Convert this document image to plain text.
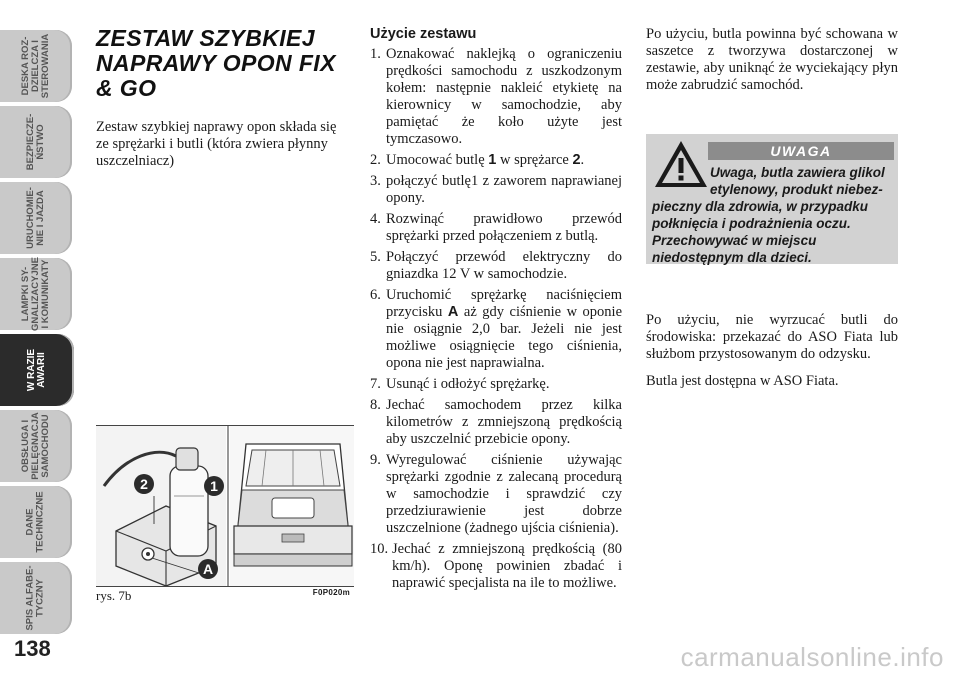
DESKA ROZ-
DZIELCZA I
STEROWANIA
BEZPIECZE-
ŃSTWO
URUCHOMIE-
NIE I JAZDA
LAMPKI SY-
GNALIZACYJNE
I KOMUNIKATY
W RAZIE
AWARII
OBSŁUGA I
PIELĘGNACJA
SAMOCHODU
DANE
TECHNICZNE
SPIS ALFABE-
TYCZNY
138
ZESTAW SZYBKIEJ
NAPRAWY OPON FIX
& GO
Zestaw szybkiej naprawy opon składa się ze sprężarki i butli (która zwiera płynny uszczelniacz)
1
2
A
rys. 7b	F0P020m
Użycie zestawu
1. Oznakować naklejką o ograniczeniu prędkości samochodu z uszkodzonym kołem: następnie nakleić etykietę na kierownicy w samochodzie, aby pamiętać że koło użyte jest tymczasowo.
2. Umocować butlę 1 w sprężarce 2.
3. połączyć butlę1 z zaworem naprawianej opony.
4. Rozwinąć prawidłowo przewód sprężarki przed połączeniem z butlą.
5. Połączyć przewód elektryczny do gniazdka 12 V w samochodzie.
6. Uruchomić sprężarkę naciśnięciem przycisku A aż gdy ciśnienie w oponie nie osiągnie 2,0 bar. Jeżeli nie jest możliwe osiągnięcie tego ciśnienia, opona nie jest naprawialna.
7. Usunąć i odłożyć sprężarkę.
8. Jechać samochodem przez kilka kilometrów z zmniejszoną prędkością aby uszczelnić przebicie opony.
9. Wyregulować ciśnienie używając sprężarki zgodnie z zalecaną procedurą w samochodzie i sprawdzić czy przedziurawienie jest dobrze uszczelnione (żadnego ujścia ciśnienia).
10. Jechać z zmniejszoną prędkością (80 km/h). Oponę powinien zbadać i naprawić specjalista na ile to możliwe.

Po użyciu, butla powinna być schowana w saszetce z tworzywa dostarczonej w zestawie, aby uniknąć że wyciekający płyn może zabrudzić samochód.

UWAGA
Uwaga, butla zawiera glikol etylenowy, produkt niebez-
pieczny dla zdrowia, w przypadku połknięcia i podrażnienia oczu. Przechowywać w miejscu niedostępnym dla dzieci.

Po użyciu, nie wyrzucać butli do środowiska: przekazać do ASO Fiata lub służbom przystosowanym do odzysku.

Butla jest dostępna w ASO Fiata.

carmanualsonline.info
